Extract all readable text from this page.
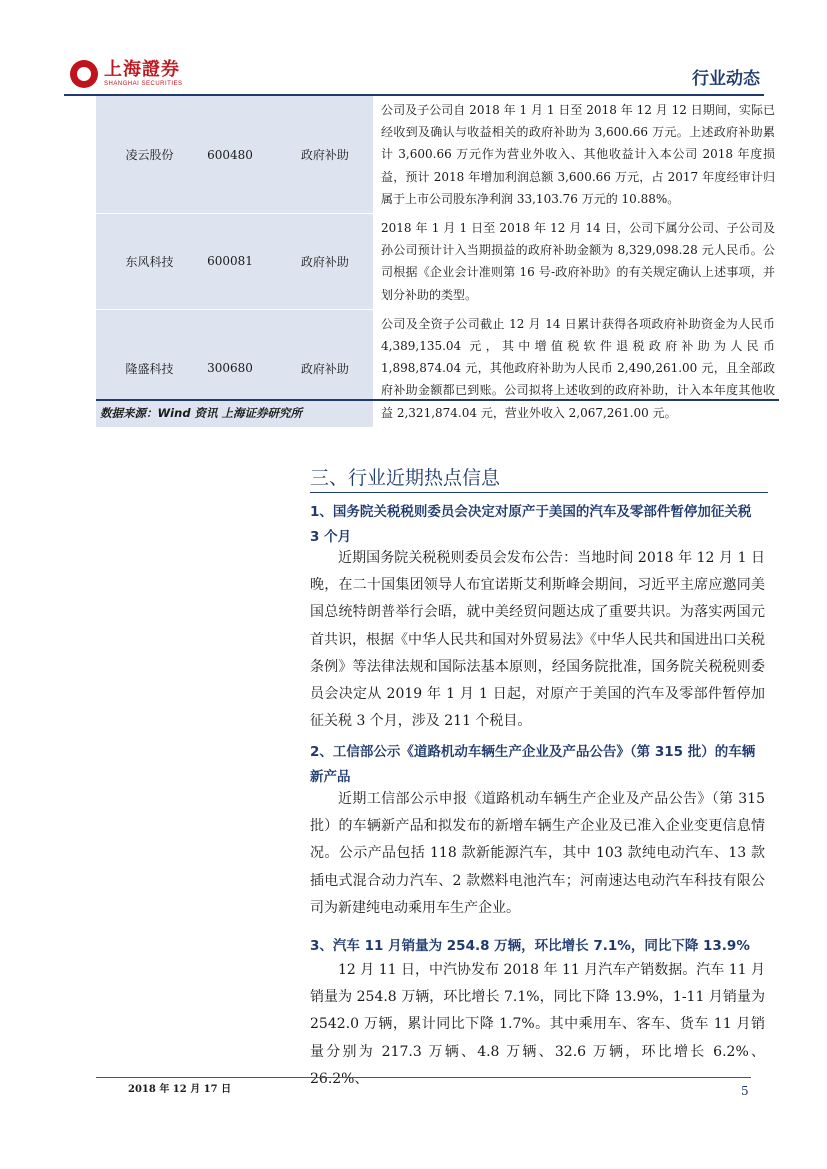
上海證券
SHANGHAI SECURITIES	行业动态
凌云股份	600480	政府补助	公司及子公司自 2018 年 1 月 1 日至 2018 年 12 月 12 日期间，实际已经收到及确认与收益相关的政府补助为 3,600.66 万元。上述政府补助累计 3,600.66 万元作为营业外收入、其他收益计入本公司 2018 年度损益，预计 2018 年增加利润总额 3,600.66 万元，占 2017 年度经审计归属于上市公司股东净利润 33,103.76 万元的 10.88%。
东风科技	600081	政府补助	2018 年 1 月 1 日至 2018 年 12 月 14 日，公司下属分公司、子公司及孙公司预计计入当期损益的政府补助金额为 8,329,098.28 元人民币。公司根据《企业会计准则第 16 号-政府补助》的有关规定确认上述事项，并划分补助的类型。
隆盛科技	300680	政府补助	公司及全资子公司截止 12 月 14 日累计获得各项政府补助资金为人民币 4,389,135.04 元，其中增值税软件退税政府补助为人民币 1,898,874.04 元，其他政府补助为人民币 2,490,261.00 元，且全部政府补助金额都已到账。公司拟将上述收到的政府补助，计入本年度其他收益 2,321,874.04 元，营业外收入 2,067,261.00 元。
数据来源：Wind 资讯 上海证券研究所
三、行业近期热点信息
1、国务院关税税则委员会决定对原产于美国的汽车及零部件暂停加征关税 3 个月
近期国务院关税税则委员会发布公告：当地时间 2018 年 12 月 1 日晚，在二十国集团领导人布宜诺斯艾利斯峰会期间，习近平主席应邀同美国总统特朗普举行会晤，就中美经贸问题达成了重要共识。为落实两国元首共识，根据《中华人民共和国对外贸易法》《中华人民共和国进出口关税条例》等法律法规和国际法基本原则，经国务院批准，国务院关税税则委员会决定从 2019 年 1 月 1 日起，对原产于美国的汽车及零部件暂停加征关税 3 个月，涉及 211 个税目。
2、工信部公示《道路机动车辆生产企业及产品公告》（第 315 批）的车辆新产品
近期工信部公示申报《道路机动车辆生产企业及产品公告》（第 315 批）的车辆新产品和拟发布的新增车辆生产企业及已准入企业变更信息情况。公示产品包括 118 款新能源汽车，其中 103 款纯电动汽车、13 款插电式混合动力汽车、2 款燃料电池汽车；河南速达电动汽车科技有限公司为新建纯电动乘用车生产企业。
3、汽车 11 月销量为 254.8 万辆，环比增长 7.1%，同比下降 13.9%
12 月 11 日，中汽协发布 2018 年 11 月汽车产销数据。汽车 11 月销量为 254.8 万辆，环比增长 7.1%，同比下降 13.9%，1-11 月销量为 2542.0 万辆，累计同比下降 1.7%。其中乘用车、客车、货车 11 月销量分别为 217.3 万辆、4.8 万辆、32.6 万辆，环比增长 6.2%、26.2%、
2018 年 12 月 17 日	5
